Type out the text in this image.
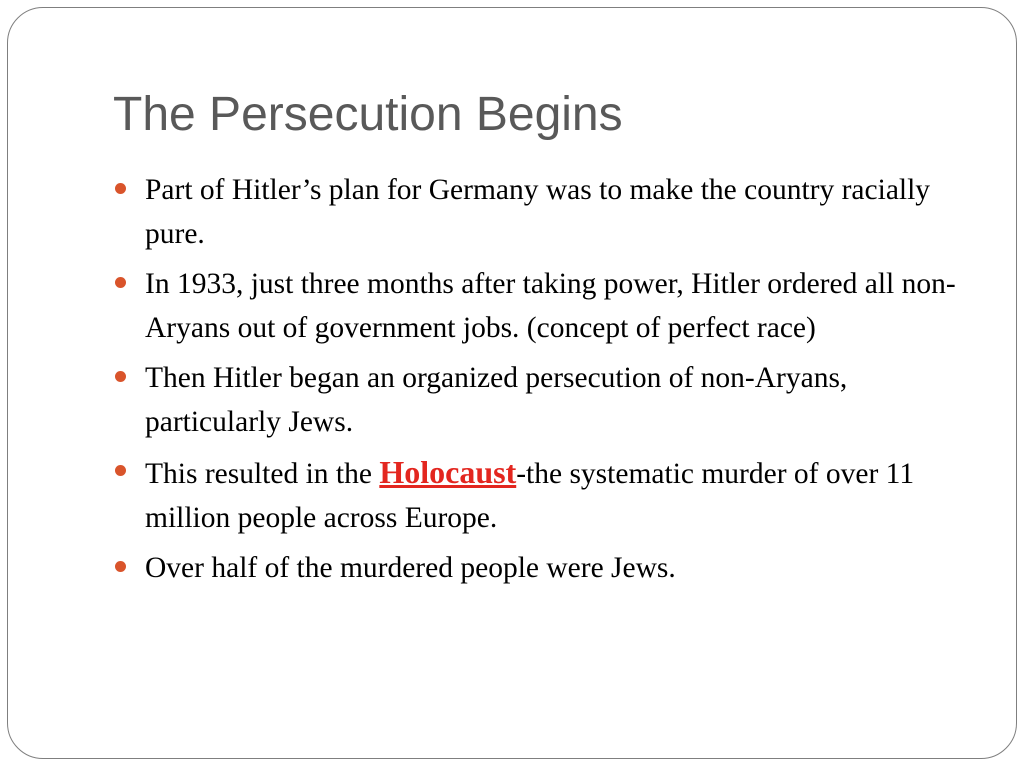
The Persecution Begins
Part of Hitler’s plan for Germany was to make the country racially pure.
In 1933, just three months after taking power, Hitler ordered all non-Aryans out of government jobs. (concept of perfect race)
Then Hitler began an organized persecution of non-Aryans, particularly Jews.
This resulted in the Holocaust-the systematic murder of over 11 million people across Europe.
Over half of the murdered people were Jews.
